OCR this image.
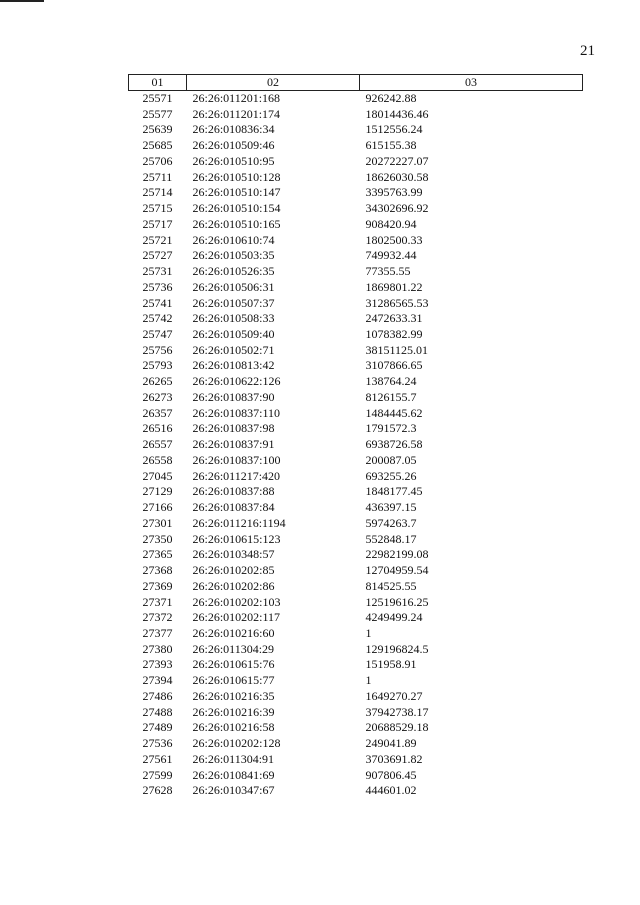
21
01	02	03
25571	26:26:011201:168	926242.88
25577	26:26:011201:174	18014436.46
25639	26:26:010836:34	1512556.24
25685	26:26:010509:46	615155.38
25706	26:26:010510:95	20272227.07
25711	26:26:010510:128	18626030.58
25714	26:26:010510:147	3395763.99
25715	26:26:010510:154	34302696.92
25717	26:26:010510:165	908420.94
25721	26:26:010610:74	1802500.33
25727	26:26:010503:35	749932.44
25731	26:26:010526:35	77355.55
25736	26:26:010506:31	1869801.22
25741	26:26:010507:37	31286565.53
25742	26:26:010508:33	2472633.31
25747	26:26:010509:40	1078382.99
25756	26:26:010502:71	38151125.01
25793	26:26:010813:42	3107866.65
26265	26:26:010622:126	138764.24
26273	26:26:010837:90	8126155.7
26357	26:26:010837:110	1484445.62
26516	26:26:010837:98	1791572.3
26557	26:26:010837:91	6938726.58
26558	26:26:010837:100	200087.05
27045	26:26:011217:420	693255.26
27129	26:26:010837:88	1848177.45
27166	26:26:010837:84	436397.15
27301	26:26:011216:1194	5974263.7
27350	26:26:010615:123	552848.17
27365	26:26:010348:57	22982199.08
27368	26:26:010202:85	12704959.54
27369	26:26:010202:86	814525.55
27371	26:26:010202:103	12519616.25
27372	26:26:010202:117	4249499.24
27377	26:26:010216:60	1
27380	26:26:011304:29	129196824.5
27393	26:26:010615:76	151958.91
27394	26:26:010615:77	1
27486	26:26:010216:35	1649270.27
27488	26:26:010216:39	37942738.17
27489	26:26:010216:58	20688529.18
27536	26:26:010202:128	249041.89
27561	26:26:011304:91	3703691.82
27599	26:26:010841:69	907806.45
27628	26:26:010347:67	444601.02
